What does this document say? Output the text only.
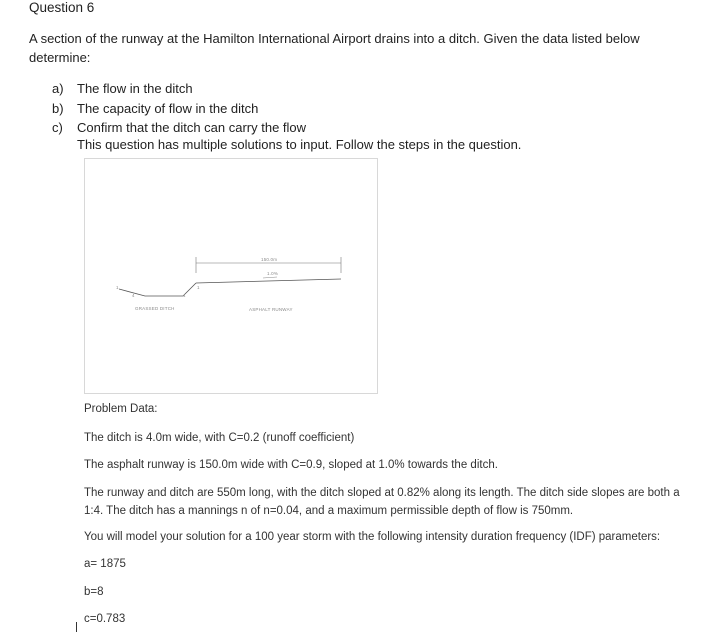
Question 6
A section of the runway at the Hamilton International Airport drains into a ditch. Given the data listed below determine:
a)	The flow in the ditch
b)	The capacity of flow in the ditch
c)	Confirm that the ditch can carry the flow
This question has multiple solutions to input. Follow the steps in the question.
150.0m
1.0%
1	1
4	4
GRASSED DITCH	ASPHALT RUNWAY
Problem Data:
The ditch is 4.0m wide, with C=0.2 (runoff coefficient)
The asphalt runway is 150.0m wide with C=0.9, sloped at 1.0% towards the ditch.
The runway and ditch are 550m long, with the ditch sloped at 0.82% along its length. The ditch side slopes are both a 1:4. The ditch has a mannings n of n=0.04, and a maximum permissible depth of flow is 750mm.
You will model your solution for a 100 year storm with the following intensity duration frequency (IDF) parameters:
a= 1875
b=8
c=0.783
